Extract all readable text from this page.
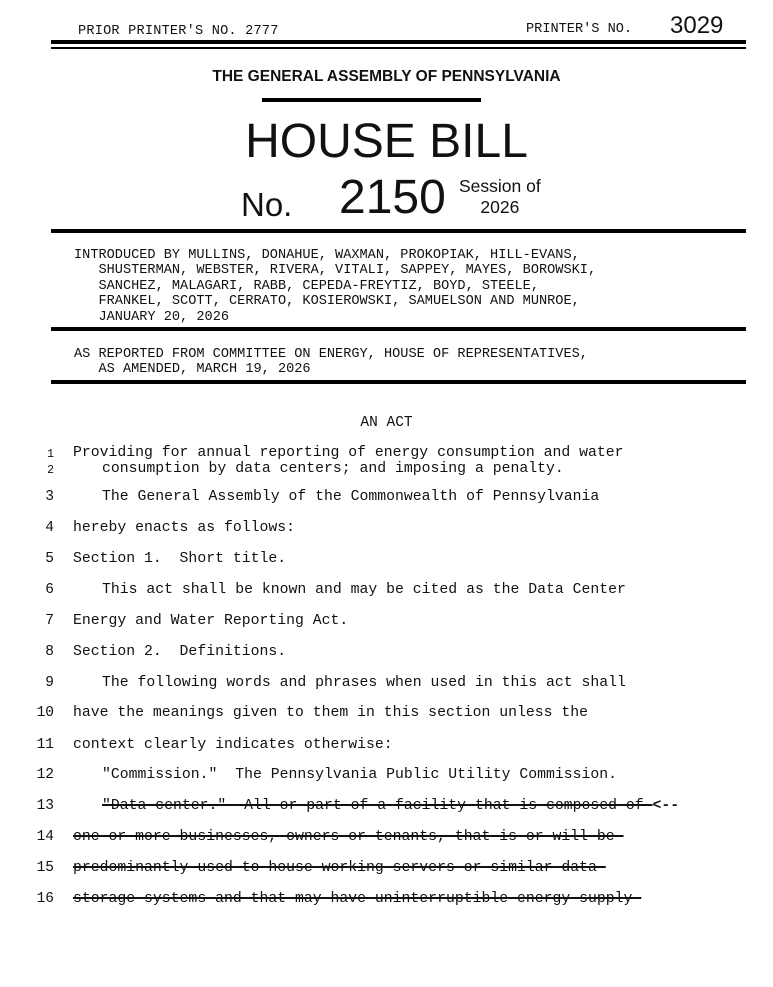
PRIOR PRINTER'S NO. 2777	PRINTER'S NO. 3029
THE GENERAL ASSEMBLY OF PENNSYLVANIA
HOUSE BILL
No. 2150 Session of
2026
INTRODUCED BY MULLINS, DONAHUE, WAXMAN, PROKOPIAK, HILL-EVANS,
SHUSTERMAN, WEBSTER, RIVERA, VITALI, SAPPEY, MAYES, BOROWSKI,
SANCHEZ, MALAGARI, RABB, CEPEDA-FREYTIZ, BOYD, STEELE,
FRANKEL, SCOTT, CERRATO, KOSIEROWSKI, SAMUELSON AND MUNROE,
JANUARY 20, 2026
AS REPORTED FROM COMMITTEE ON ENERGY, HOUSE OF REPRESENTATIVES,
AS AMENDED, MARCH 19, 2026
AN ACT
1 Providing for annual reporting of energy consumption and water
2	consumption by data centers; and imposing a penalty.
3	The General Assembly of the Commonwealth of Pennsylvania
4 hereby enacts as follows:
5 Section 1.  Short title.
6	This act shall be known and may be cited as the Data Center
7 Energy and Water Reporting Act.
8 Section 2.  Definitions.
9	The following words and phrases when used in this act shall
10 have the meanings given to them in this section unless the
11 context clearly indicates otherwise:
12	"Commission."  The Pennsylvania Public Utility Commission.
13	"Data center."  All or part of a facility that is composed of <--
14 one or more businesses, owners or tenants, that is or will be
15 predominantly used to house working servers or similar data
16 storage systems and that may have uninterruptible energy supply
